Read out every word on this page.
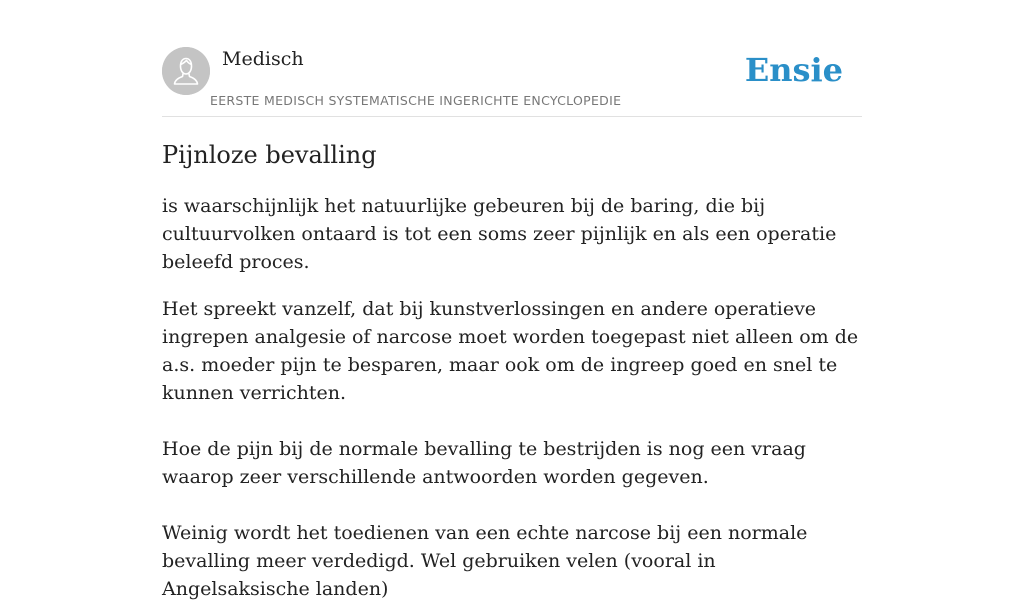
Medisch
EERSTE MEDISCH SYSTEMATISCHE INGERICHTE ENCYCLOPEDIE
Ensie
Pijnloze bevalling

is waarschijnlijk het natuurlijke gebeuren bij de baring, die bij cultuurvolken ontaard is tot een soms zeer pijnlijk en als een operatie beleefd proces.

Het spreekt vanzelf, dat bij kunstverlossingen en andere operatieve ingrepen analgesie of narcose moet worden toegepast niet alleen om de a.s. moeder pijn te besparen, maar ook om de ingreep goed en snel te kunnen verrichten.

Hoe de pijn bij de normale bevalling te bestrijden is nog een vraag waarop zeer verschillende antwoorden worden gegeven.

Weinig wordt het toedienen van een echte narcose bij een normale bevalling meer verdedigd. Wel gebruiken velen (vooral in Angelsaksische landen)
